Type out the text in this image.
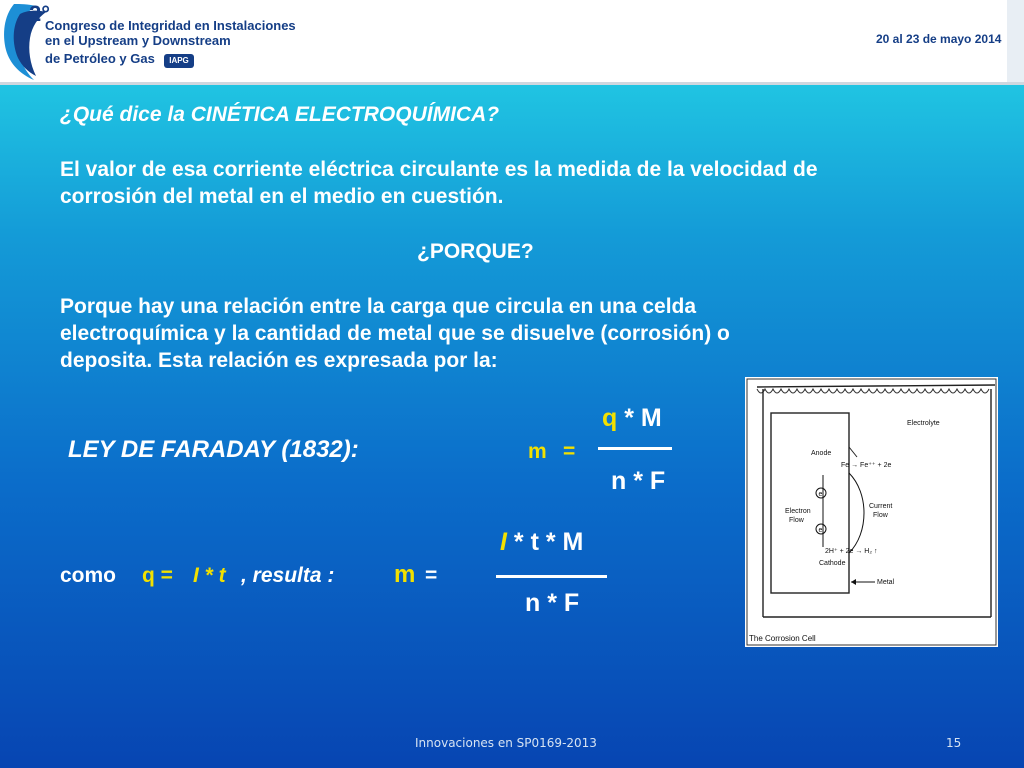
2°
Congreso de Integridad en Instalaciones
en el Upstream y Downstream
de Petróleo y Gas	IAPG
20 al 23 de mayo 2014
¿Qué dice la CINÉTICA ELECTROQUÍMICA?
El valor de esa corriente eléctrica circulante es la medida de la velocidad de
corrosión del metal en el medio en cuestión.
¿PORQUE?
Porque hay una relación entre la carga que circula en una celda
electroquímica y la cantidad de metal que se disuelve (corrosión) o
deposita. Esta relación es expresada por la:
LEY DE FARADAY (1832):	m =
q * M
n * F
como q = I * t , resulta : m =
I * t * M
n * F
Electrolyte
Anode
Fe → Fe⁺⁺ + 2e
e
e
Electron
Flow
Current
Flow
2H⁺ + 2e → H₂ ↑
Cathode
Metal
The Corrosion Cell
Innovaciones en SP0169-2013	15
